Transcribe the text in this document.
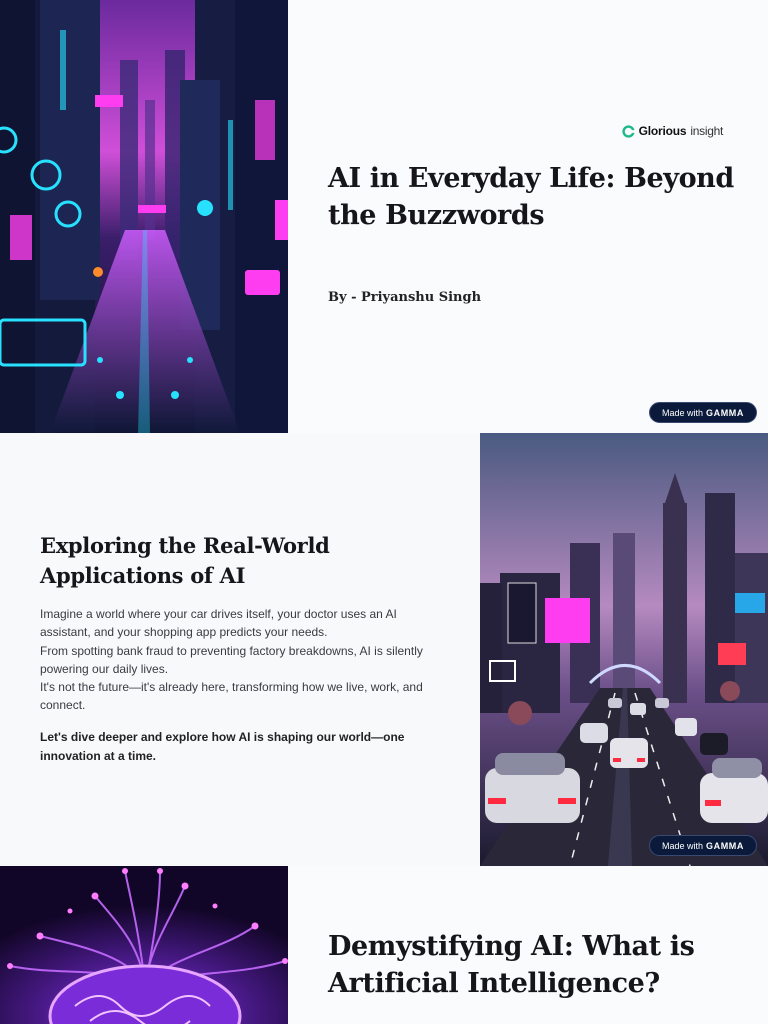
Glorious insight
AI in Everyday Life: Beyond the Buzzwords
By - Priyanshu Singh
Made with GAMMA
Exploring the Real-World Applications of AI

Imagine a world where your car drives itself, your doctor uses an AI assistant, and your shopping app predicts your needs.

From spotting bank fraud to preventing factory breakdowns, AI is silently powering our daily lives.

It's not the future—it's already here, transforming how we live, work, and connect.

Let's dive deeper and explore how AI is shaping our world—one innovation at a time.
Made with GAMMA
Demystifying AI: What is Artificial Intelligence?
